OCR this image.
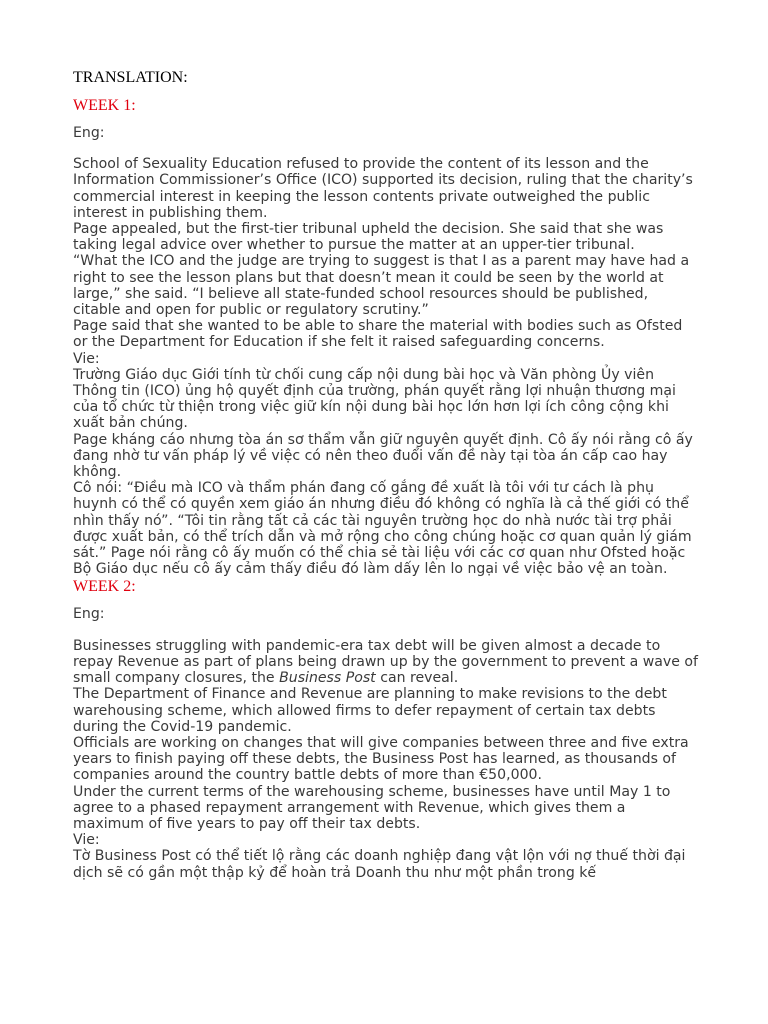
TRANSLATION:

WEEK 1:

Eng:

School of Sexuality Education refused to provide the content of its lesson and the Information Commissioner’s Office (ICO) supported its decision, ruling that the charity’s commercial interest in keeping the lesson contents private outweighed the public interest in publishing them.

Page appealed, but the first-tier tribunal upheld the decision. She said that she was taking legal advice over whether to pursue the matter at an upper-tier tribunal.

“What the ICO and the judge are trying to suggest is that I as a parent may have had a right to see the lesson plans but that doesn’t mean it could be seen by the world at large,” she said. “I believe all state-funded school resources should be published, citable and open for public or regulatory scrutiny.”

Page said that she wanted to be able to share the material with bodies such as Ofsted or the Department for Education if she felt it raised safeguarding concerns.

Vie:

Trường Giáo dục Giới tính từ chối cung cấp nội dung bài học và Văn phòng Ủy viên Thông tin (ICO) ủng hộ quyết định của trường, phán quyết rằng lợi nhuận thương mại của tổ chức từ thiện trong việc giữ kín nội dung bài học lớn hơn lợi ích công cộng khi xuất bản chúng.

Page kháng cáo nhưng tòa án sơ thẩm vẫn giữ nguyên quyết định. Cô ấy nói rằng cô ấy đang nhờ tư vấn pháp lý về việc có nên theo đuổi vấn đề này tại tòa án cấp cao hay không.

Cô nói: “Điều mà ICO và thẩm phán đang cố gắng đề xuất là tôi với tư cách là phụ huynh có thể có quyền xem giáo án nhưng điều đó không có nghĩa là cả thế giới có thể nhìn thấy nó”. “Tôi tin rằng tất cả các tài nguyên trường học do nhà nước tài trợ phải được xuất bản, có thể trích dẫn và mở rộng cho công chúng hoặc cơ quan quản lý giám sát.” Page nói rằng cô ấy muốn có thể chia sẻ tài liệu với các cơ quan như Ofsted hoặc Bộ Giáo dục nếu cô ấy cảm thấy điều đó làm dấy lên lo ngại về việc bảo vệ an toàn.

WEEK 2:

Eng:

Businesses struggling with pandemic-era tax debt will be given almost a decade to repay Revenue as part of plans being drawn up by the government to prevent a wave of small company closures, the Business Post can reveal.

The Department of Finance and Revenue are planning to make revisions to the debt warehousing scheme, which allowed firms to defer repayment of certain tax debts during the Covid-19 pandemic.

Officials are working on changes that will give companies between three and five extra years to finish paying off these debts, the Business Post has learned, as thousands of companies around the country battle debts of more than €50,000.

Under the current terms of the warehousing scheme, businesses have until May 1 to agree to a phased repayment arrangement with Revenue, which gives them a maximum of five years to pay off their tax debts.

Vie:

Tờ Business Post có thể tiết lộ rằng các doanh nghiệp đang vật lộn với nợ thuế thời đại dịch sẽ có gần một thập kỷ để hoàn trả Doanh thu như một phần trong kế
